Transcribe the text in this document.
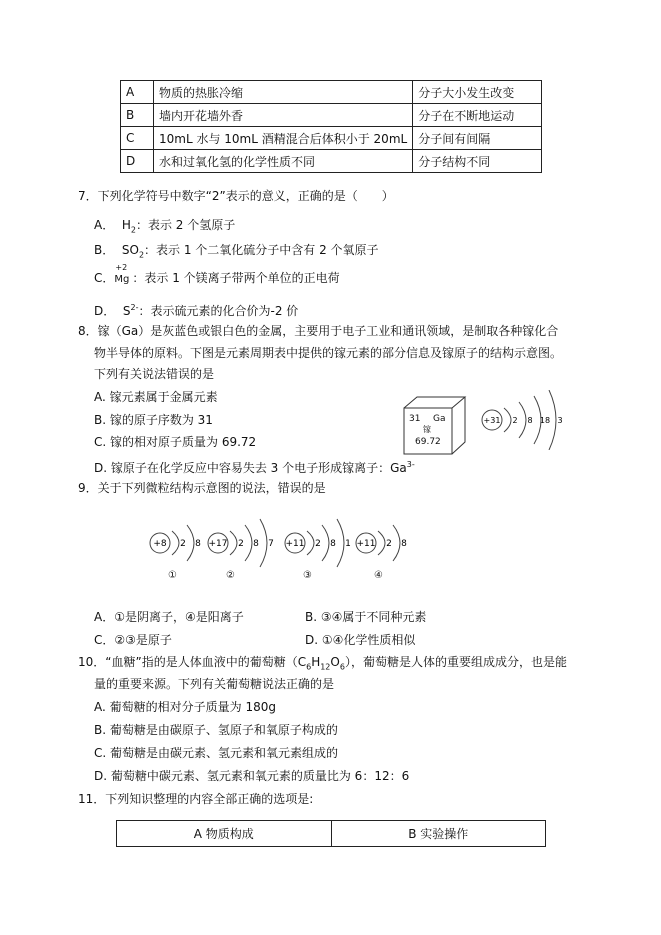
A	物质的热胀冷缩	分子大小发生改变
B	墙内开花墙外香	分子在不断地运动
C	10mL 水与 10mL 酒精混合后体积小于 20mL	分子间有间隔
D	水和过氧化氢的化学性质不同	分子结构不同
7．下列化学符号中数字“2”表示的意义，正确的是（　　）
A． $H_2$：表示 2 个氢原子
B． $SO_2$：表示 1 个二氧化硫分子中含有 2 个氧原子
C．
+2
Mg ：表示 1 个镁离子带两个单位的正电荷
D． $S^{2-}$：表示硫元素的化合价为-2 价
8．镓（Ga）是灰蓝色或银白色的金属，主要用于电子工业和通讯领域，是制取各种镓化合
物半导体的原料。下图是元素周期表中提供的镓元素的部分信息及镓原子的结构示意图。
下列有关说法错误的是
A. 镓元素属于金属元素
B. 镓的原子序数为 31
C. 镓的相对原子质量为 69.72
D. 镓原子在化学反应中容易失去 3 个电子形成镓离子：$Ga^{3-}$
31 Ga
镓
69.72
+31 2 8 18 3
9．关于下列微粒结构示意图的说法，错误的是
+8 2 8
①
+17 2 8 7
②
+11 2 8 1
③
+11 2 8
④
A．①是阴离子，④是阳离子	B. ③④属于不同种元素
C．②③是原子	D. ①④化学性质相似
10．“血糖”指的是人体血液中的葡萄糖$(C_6H_{12}O_6)$，葡萄糖是人体的重要组成成分，也是能
量的重要来源。下列有关葡萄糖说法正确的是
A. 葡萄糖的相对分子质量为 180g
B. 葡萄糖是由碳原子、氢原子和氧原子构成的
C. 葡萄糖是由碳元素、氢元素和氧元素组成的
D. 葡萄糖中碳元素、氢元素和氧元素的质量比为 6：12：6
11．下列知识整理的内容全部正确的选项是:
A 物质构成	B 实验操作
